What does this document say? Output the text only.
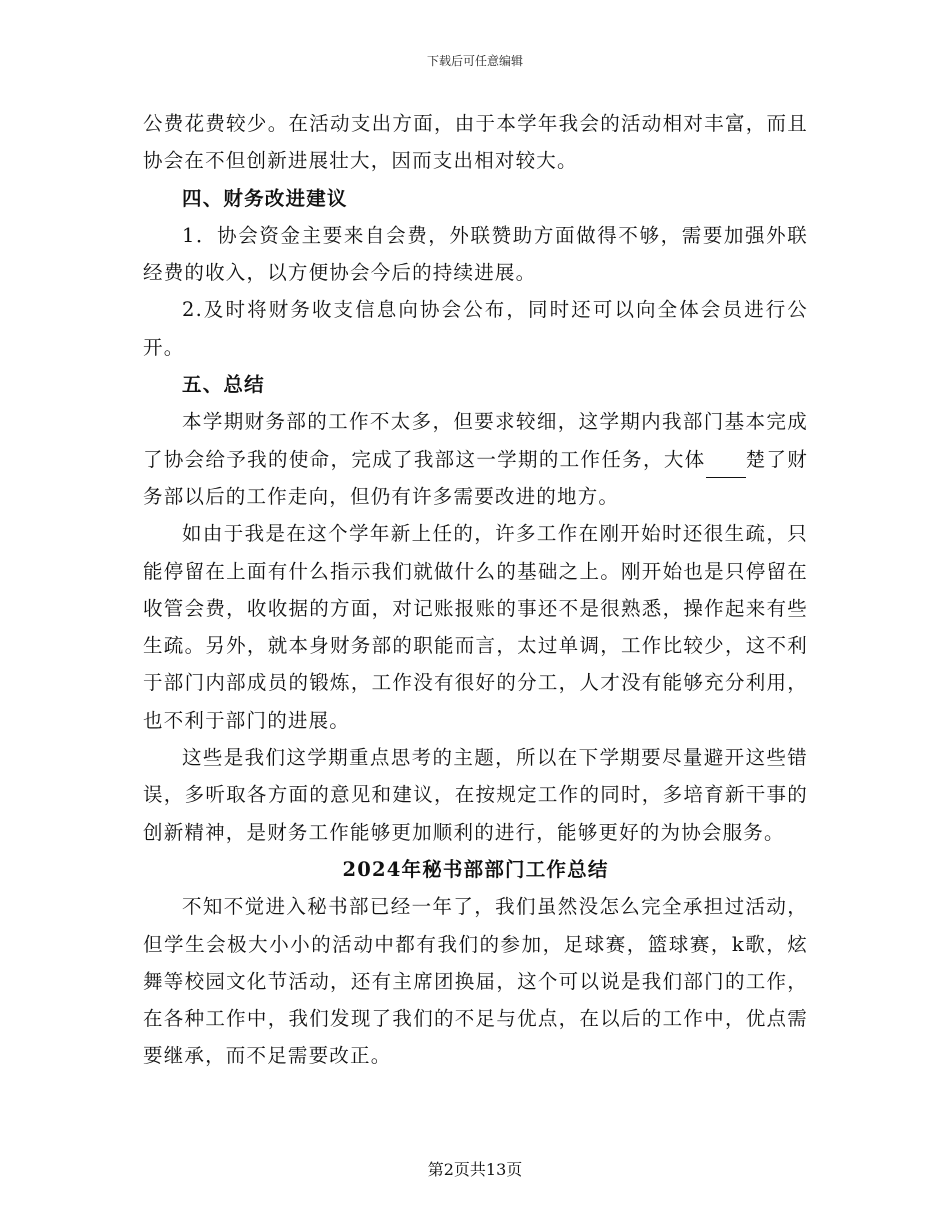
下载后可任意编辑

公费花费较少。在活动支出方面，由于本学年我会的活动相对丰富，而且协会在不但创新进展壮大，因而支出相对较大。

四、财务改进建议

1．协会资金主要来自会费，外联赞助方面做得不够，需要加强外联经费的收入，以方便协会今后的持续进展。

2.及时将财务收支信息向协会公布，同时还可以向全体会员进行公开。

五、总结

本学期财务部的工作不太多，但要求较细，这学期内我部门基本完成了协会给予我的使命，完成了我部这一学期的工作任务，大体 楚了财务部以后的工作走向，但仍有许多需要改进的地方。

如由于我是在这个学年新上任的，许多工作在刚开始时还很生疏，只能停留在上面有什么指示我们就做什么的基础之上。刚开始也是只停留在收管会费，收收据的方面，对记账报账的事还不是很熟悉，操作起来有些生疏。另外，就本身财务部的职能而言，太过单调，工作比较少，这不利于部门内部成员的锻炼，工作没有很好的分工，人才没有能够充分利用，也不利于部门的进展。

这些是我们这学期重点思考的主题，所以在下学期要尽量避开这些错误，多听取各方面的意见和建议，在按规定工作的同时，多培育新干事的创新精神，是财务工作能够更加顺利的进行，能够更好的为协会服务。

2024年秘书部部门工作总结

不知不觉进入秘书部已经一年了，我们虽然没怎么完全承担过活动，但学生会极大小小的活动中都有我们的参加，足球赛，篮球赛，k歌，炫舞等校园文化节活动，还有主席团换届，这个可以说是我们部门的工作，在各种工作中，我们发现了我们的不足与优点，在以后的工作中，优点需要继承，而不足需要改正。

第2页共13页
